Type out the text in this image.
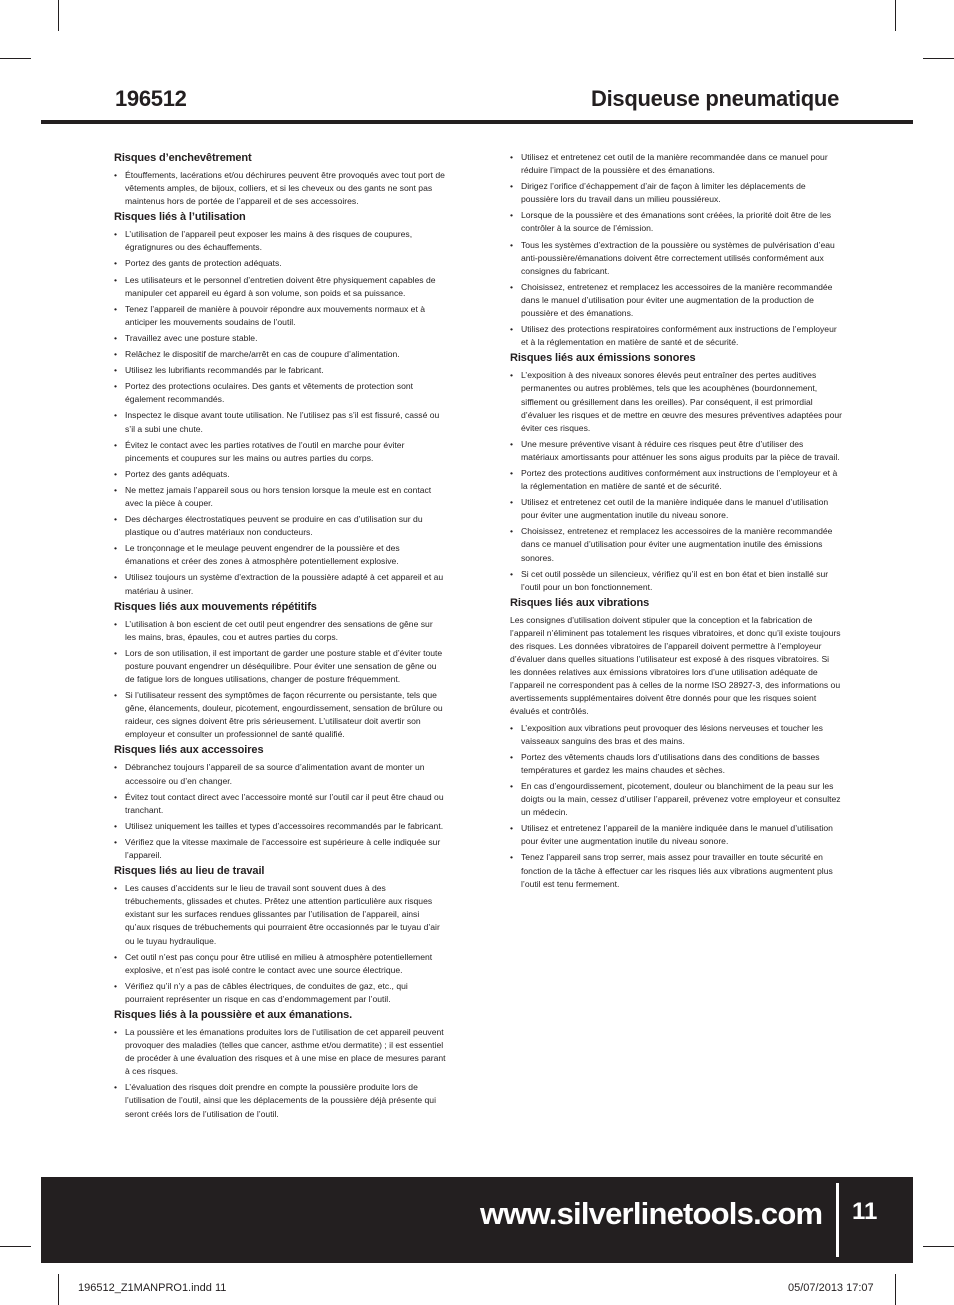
196512	Disqueuse pneumatique
Risques d’enchevêtrement
• Étouffements, lacérations et/ou déchirures peuvent être provoqués avec tout port de vêtements amples, de bijoux, colliers, et si les cheveux ou des gants ne sont pas maintenus hors de portée de l’appareil et de ses accessoires.
Risques liés à l’utilisation
• L’utilisation de l’appareil peut exposer les mains à des risques de coupures, égratignures ou des échauffements.
• Portez des gants de protection adéquats.
• Les utilisateurs et le personnel d’entretien doivent être physiquement capables de manipuler cet appareil eu égard à son volume, son poids et sa puissance.
• Tenez l’appareil de manière à pouvoir répondre aux mouvements normaux et à anticiper les mouvements soudains de l’outil.
• Travaillez avec une posture stable.
• Relâchez le dispositif de marche/arrêt en cas de coupure d’alimentation.
• Utilisez les lubrifiants recommandés par le fabricant.
• Portez des protections oculaires. Des gants et vêtements de protection sont également recommandés.
• Inspectez le disque avant toute utilisation. Ne l’utilisez pas s’il est fissuré, cassé ou s’il a subi une chute.
• Évitez le contact avec les parties rotatives de l’outil en marche pour éviter pincements et coupures sur les mains ou autres parties du corps.
• Portez des gants adéquats.
• Ne mettez jamais l’appareil sous ou hors tension lorsque la meule est en contact avec la pièce à couper.
• Des décharges électrostatiques peuvent se produire en cas d’utilisation sur du plastique ou d’autres matériaux non conducteurs.
• Le tronçonnage et le meulage peuvent engendrer de la poussière et des émanations et créer des zones à atmosphère potentiellement explosive.
• Utilisez toujours un système d’extraction de la poussière adapté à cet appareil et au matériau à usiner.
Risques liés aux mouvements répétitifs
• L’utilisation à bon escient de cet outil peut engendrer des sensations de gêne sur les mains, bras, épaules, cou et autres parties du corps.
• Lors de son utilisation, il est important de garder une posture stable et d’éviter toute posture pouvant engendrer un déséquilibre. Pour éviter une sensation de gêne ou de fatigue lors de longues utilisations, changer de posture fréquemment.
• Si l’utilisateur ressent des symptômes de façon récurrente ou persistante, tels que gêne, élancements, douleur, picotement, engourdissement, sensation de brûlure ou raideur, ces signes doivent être pris sérieusement. L’utilisateur doit avertir son employeur et consulter un professionnel de santé qualifié.
Risques liés aux accessoires
• Débranchez toujours l’appareil de sa source d’alimentation avant de monter un accessoire ou d’en changer.
• Évitez tout contact direct avec l’accessoire monté sur l’outil car il peut être chaud ou tranchant.
• Utilisez uniquement les tailles et types d’accessoires recommandés par le fabricant.
• Vérifiez que la vitesse maximale de l’accessoire est supérieure à celle indiquée sur l’appareil.
Risques liés au lieu de travail
• Les causes d’accidents sur le lieu de travail sont souvent dues à des trébuchements, glissades et chutes. Prêtez une attention particulière aux risques existant sur les surfaces rendues glissantes par l’utilisation de l’appareil, ainsi qu’aux risques de trébuchements qui pourraient être occasionnés par le tuyau d’air ou le tuyau hydraulique.
• Cet outil n’est pas conçu pour être utilisé en milieu à atmosphère potentiellement explosive, et n’est pas isolé contre le contact avec une source électrique.
• Vérifiez qu’il n’y a pas de câbles électriques, de conduites de gaz, etc., qui pourraient représenter un risque en cas d’endommagement par l’outil.
Risques liés à la poussière et aux émanations.
• La poussière et les émanations produites lors de l’utilisation de cet appareil peuvent provoquer des maladies (telles que cancer, asthme et/ou dermatite) ; il est essentiel de procéder à une évaluation des risques et à une mise en place de mesures parant à ces risques.
• L’évaluation des risques doit prendre en compte la poussière produite lors de l’utilisation de l’outil, ainsi que les déplacements de la poussière déjà présente qui seront créés lors de l’utilisation de l’outil.
• Utilisez et entretenez cet outil de la manière recommandée dans ce manuel pour réduire l’impact de la poussière et des émanations.
• Dirigez l’orifice d’échappement d’air de façon à limiter les déplacements de poussière lors du travail dans un milieu poussiéreux.
• Lorsque de la poussière et des émanations sont créées, la priorité doit être de les contrôler à la source de l’émission.
• Tous les systèmes d’extraction de la poussière ou systèmes de pulvérisation d’eau anti-poussière/émanations doivent être correctement utilisés conformément aux consignes du fabricant.
• Choisissez, entretenez et remplacez les accessoires de la manière recommandée dans le manuel d’utilisation pour éviter une augmentation de la production de poussière et des émanations.
• Utilisez des protections respiratoires conformément aux instructions de l’employeur et à la réglementation en matière de santé et de sécurité.
Risques liés aux émissions sonores
• L’exposition à des niveaux sonores élevés peut entraîner des pertes auditives permanentes ou autres problèmes, tels que les acouphènes (bourdonnement, sifflement ou grésillement dans les oreilles). Par conséquent, il est primordial d’évaluer les risques et de mettre en œuvre des mesures préventives adaptées pour éviter ces risques.
• Une mesure préventive visant à réduire ces risques peut être d’utiliser des matériaux amortissants pour atténuer les sons aigus produits par la pièce de travail.
• Portez des protections auditives conformément aux instructions de l’employeur et à la réglementation en matière de santé et de sécurité.
• Utilisez et entretenez cet outil de la manière indiquée dans le manuel d’utilisation pour éviter une augmentation inutile du niveau sonore.
• Choisissez, entretenez et remplacez les accessoires de la manière recommandée dans ce manuel d’utilisation pour éviter une augmentation inutile des émissions sonores.
• Si cet outil possède un silencieux, vérifiez qu’il est en bon état et bien installé sur l’outil pour un bon fonctionnement.
Risques liés aux vibrations
Les consignes d’utilisation doivent stipuler que la conception et la fabrication de l’appareil n’éliminent pas totalement les risques vibratoires, et donc qu’il existe toujours des risques. Les données vibratoires de l’appareil doivent permettre à l’employeur d’évaluer dans quelles situations l’utilisateur est exposé à des risques vibratoires. Si les données relatives aux émissions vibratoires lors d’une utilisation adéquate de l’appareil ne correspondent pas à celles de la norme ISO 28927-3, des informations ou avertissements supplémentaires doivent être donnés pour que les risques soient évalués et contrôlés.
• L’exposition aux vibrations peut provoquer des lésions nerveuses et toucher les vaisseaux sanguins des bras et des mains.
• Portez des vêtements chauds lors d’utilisations dans des conditions de basses températures et gardez les mains chaudes et sèches.
• En cas d’engourdissement, picotement, douleur ou blanchiment de la peau sur les doigts ou la main, cessez d’utiliser l’appareil, prévenez votre employeur et consultez un médecin.
• Utilisez et entretenez l’appareil de la manière indiquée dans le manuel d’utilisation pour éviter une augmentation inutile du niveau sonore.
• Tenez l’appareil sans trop serrer, mais assez pour travailler en toute sécurité en fonction de la tâche à effectuer car les risques liés aux vibrations augmentent plus l’outil est tenu fermement.
www.silverlinetools.com 11
196512_Z1MANPRO1.indd 11	05/07/2013 17:07
